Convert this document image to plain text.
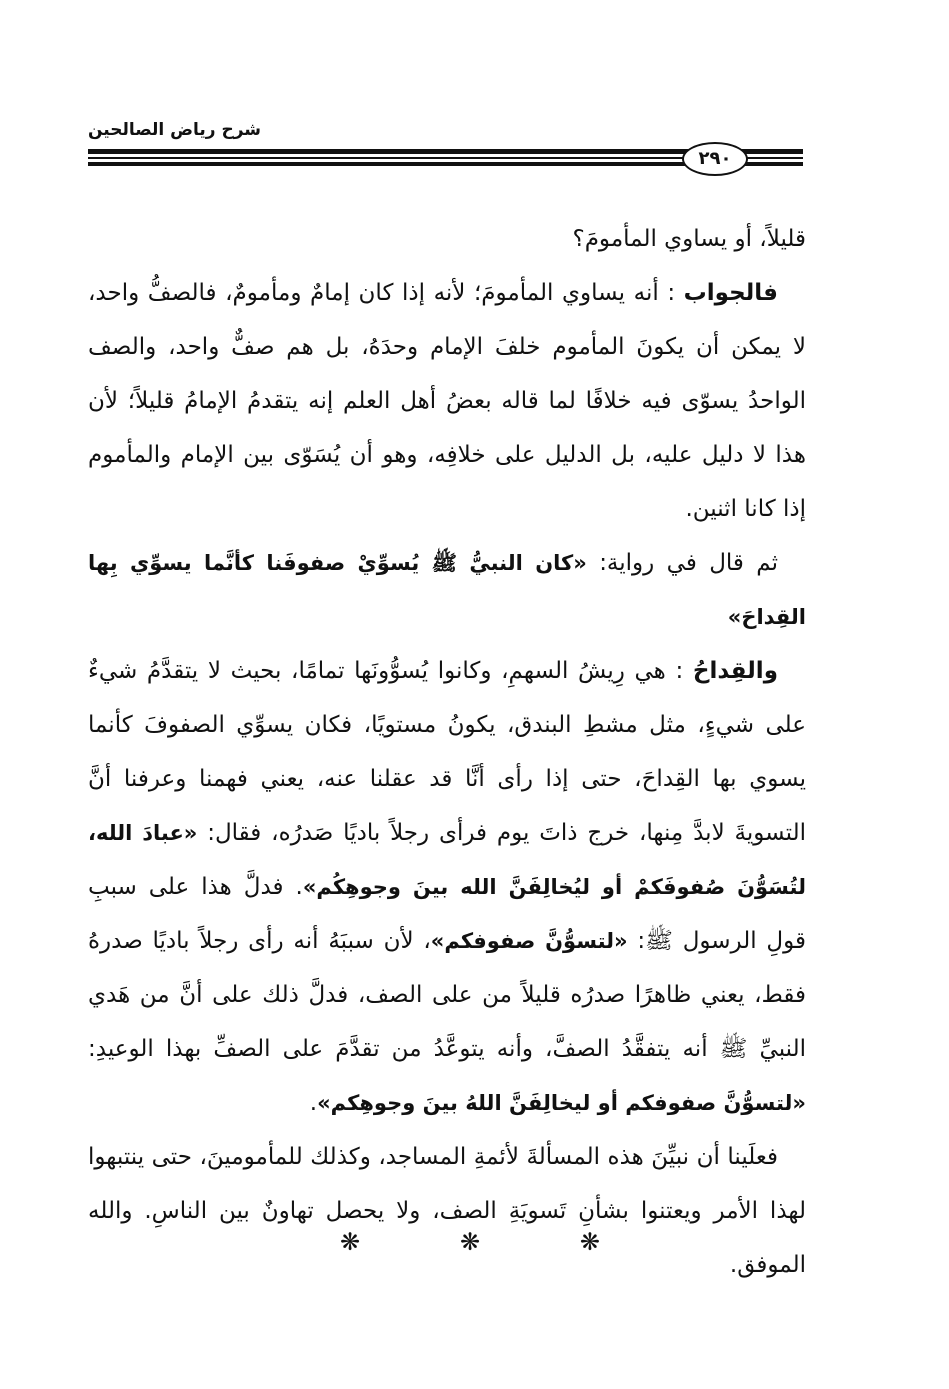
شرح رياض الصالحين
٢٩٠

قليلاً، أو يساوي المأمومَ؟

فالجواب : أنه يساوي المأمومَ؛ لأنه إذا كان إمامٌ ومأمومٌ، فالصفُّ واحد، لا يمكن أن يكونَ المأموم خلفَ الإمام وحدَهُ، بل هم صفٌّ واحد، والصف الواحدُ يسوّى فيه خلافًا لما قاله بعضُ أهل العلم إنه يتقدمُ الإمامُ قليلاً؛ لأن هذا لا دليل عليه، بل الدليل على خلافِه، وهو أن يُسَوّى بين الإمام والمأموم إذا كانا اثنين.

ثم قال في رواية: «كان النبيُّ ﷺ يُسوِّيْ صفوفَنا كأنَّما يسوِّي بِها القِداحَ»

والقِداحُ : هي رِيشُ السهمِ، وكانوا يُسوُّونَها تمامًا، بحيث لا يتقدَّمُ شيءٌ على شيءٍ، مثل مشطِ البندق، يكونُ مستويًا، فكان يسوِّي الصفوفَ كأنما يسوي بها القِداحَ، حتى إذا رأى أنَّا قد عقلنا عنه، يعني فهمنا وعرفنا أنَّ التسويةَ لابدَّ مِنها، خرج ذاتَ يوم فرأى رجلاً باديًا صَدرُه، فقال: «عبادَ الله، لتُسَوُّنَ صُفوفَكمْ أو ليُخالِفَنَّ الله بينَ وجوهِكُم». فدلَّ هذا على سببِ قولِ الرسول ﷺ: «لتسوُّنَّ صفوفكم»، لأن سببَهُ أنه رأى رجلاً باديًا صدرهُ فقط، يعني ظاهرًا صدرُه قليلاً من على الصف، فدلَّ ذلك على أنَّ من هَدي النبيِّ ﷺ أنه يتفقَّدُ الصفَّ، وأنه يتوعَّدُ من تقدَّمَ على الصفِّ بهذا الوعيدِ: «لتسوُّنَّ صفوفكم أو ليخالِفَنَّ اللهُ بينَ وجوهِكم».

فعلَينا أن نبيِّنَ هذه المسألةَ لأئمةِ المساجد، وكذلك للمأمومينَ، حتى ينتبهوا لهذا الأمر ويعتنوا بشأنِ تَسويَةِ الصف، ولا يحصل تهاونٌ بين الناسِ. والله الموفق.

❋	❋	❋
